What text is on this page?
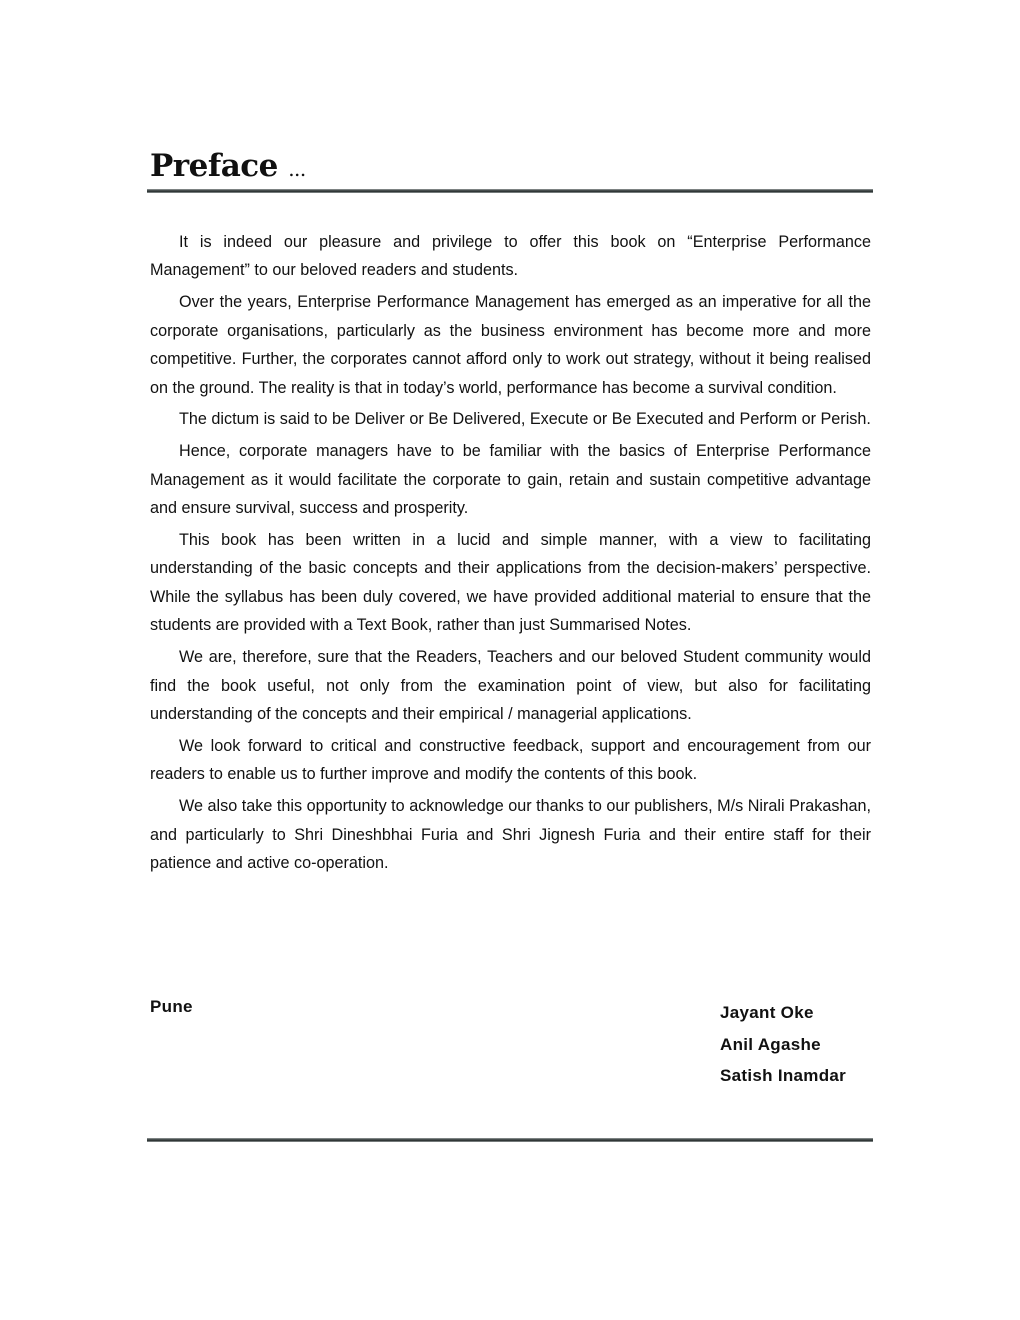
Preface ...

It is indeed our pleasure and privilege to offer this book on “Enterprise Performance Management” to our beloved readers and students.

Over the years, Enterprise Performance Management has emerged as an imperative for all the corporate organisations, particularly as the business environment has become more and more competitive. Further, the corporates cannot afford only to work out strategy, without it being realised on the ground. The reality is that in today’s world, performance has become a survival condition.

The dictum is said to be Deliver or Be Delivered, Execute or Be Executed and Perform or Perish.

Hence, corporate managers have to be familiar with the basics of Enterprise Performance Management as it would facilitate the corporate to gain, retain and sustain competitive advantage and ensure survival, success and prosperity.

This book has been written in a lucid and simple manner, with a view to facilitating understanding of the basic concepts and their applications from the decision-makers’ perspective. While the syllabus has been duly covered, we have provided additional material to ensure that the students are provided with a Text Book, rather than just Summarised Notes.

We are, therefore, sure that the Readers, Teachers and our beloved Student community would find the book useful, not only from the examination point of view, but also for facilitating understanding of the concepts and their empirical / managerial applications.

We look forward to critical and constructive feedback, support and encouragement from our readers to enable us to further improve and modify the contents of this book.

We also take this opportunity to acknowledge our thanks to our publishers, M/s Nirali Prakashan, and particularly to Shri Dineshbhai Furia and Shri Jignesh Furia and their entire staff for their patience and active co-operation.

Pune	Jayant Oke
Anil Agashe
Satish Inamdar
